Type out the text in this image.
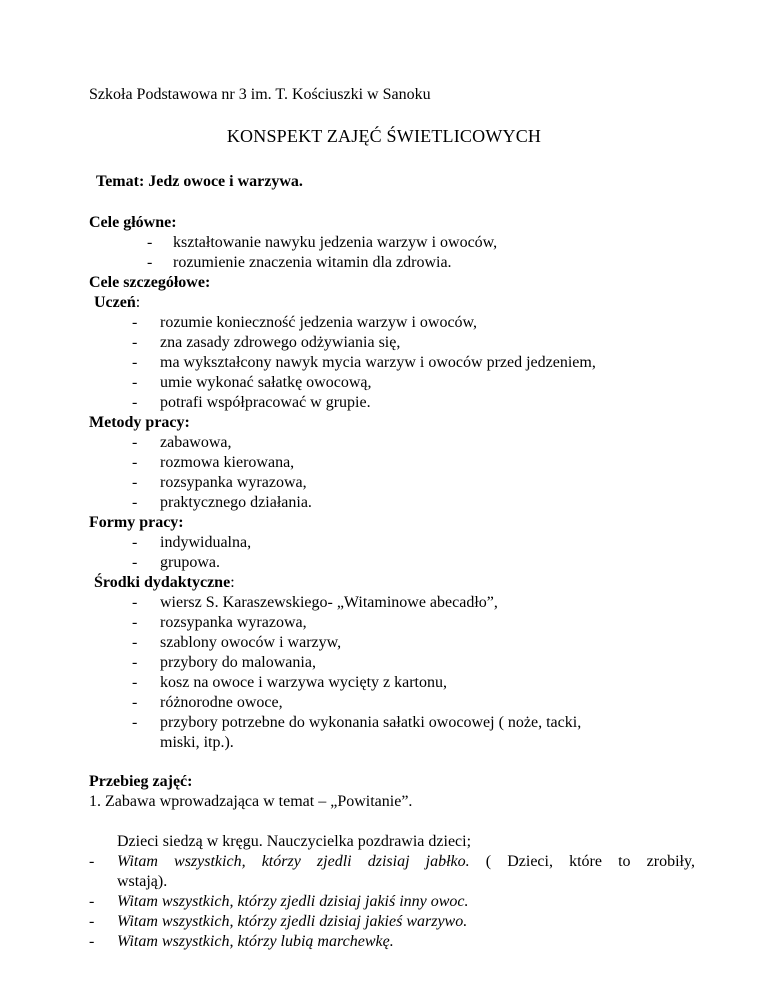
Szkoła Podstawowa nr 3 im. T. Kościuszki w Sanoku
KONSPEKT ZAJĘĆ ŚWIETLICOWYCH
Temat: Jedz owoce i warzywa.
Cele główne:
- kształtowanie nawyku jedzenia warzyw i owoców,
- rozumienie znaczenia witamin dla zdrowia.
Cele szczegółowe:
Uczeń:
- rozumie konieczność jedzenia warzyw i owoców,
- zna zasady zdrowego odżywiania się,
- ma wykształcony nawyk mycia warzyw i owoców przed jedzeniem,
- umie wykonać sałatkę owocową,
- potrafi współpracować w grupie.
Metody pracy:
- zabawowa,
- rozmowa kierowana,
- rozsypanka wyrazowa,
- praktycznego działania.
Formy pracy:
- indywidualna,
- grupowa.
Środki dydaktyczne:
- wiersz S. Karaszewskiego- „Witaminowe abecadło”,
- rozsypanka wyrazowa,
- szablony owoców i warzyw,
- przybory do malowania,
- kosz na owoce i warzywa wycięty z kartonu,
- różnorodne owoce,
- przybory potrzebne do wykonania sałatki owocowej ( noże, tacki,
miski, itp.).
Przebieg zajęć:
1. Zabawa wprowadzająca w temat – „Powitanie”.
Dzieci siedzą w kręgu. Nauczycielka pozdrawia dzieci;
- Witam wszystkich, którzy zjedli dzisiaj jabłko. ( Dzieci, które to zrobiły,
wstają).
- Witam wszystkich, którzy zjedli dzisiaj jakiś inny owoc.
- Witam wszystkich, którzy zjedli dzisiaj jakieś warzywo.
- Witam wszystkich, którzy lubią marchewkę.
